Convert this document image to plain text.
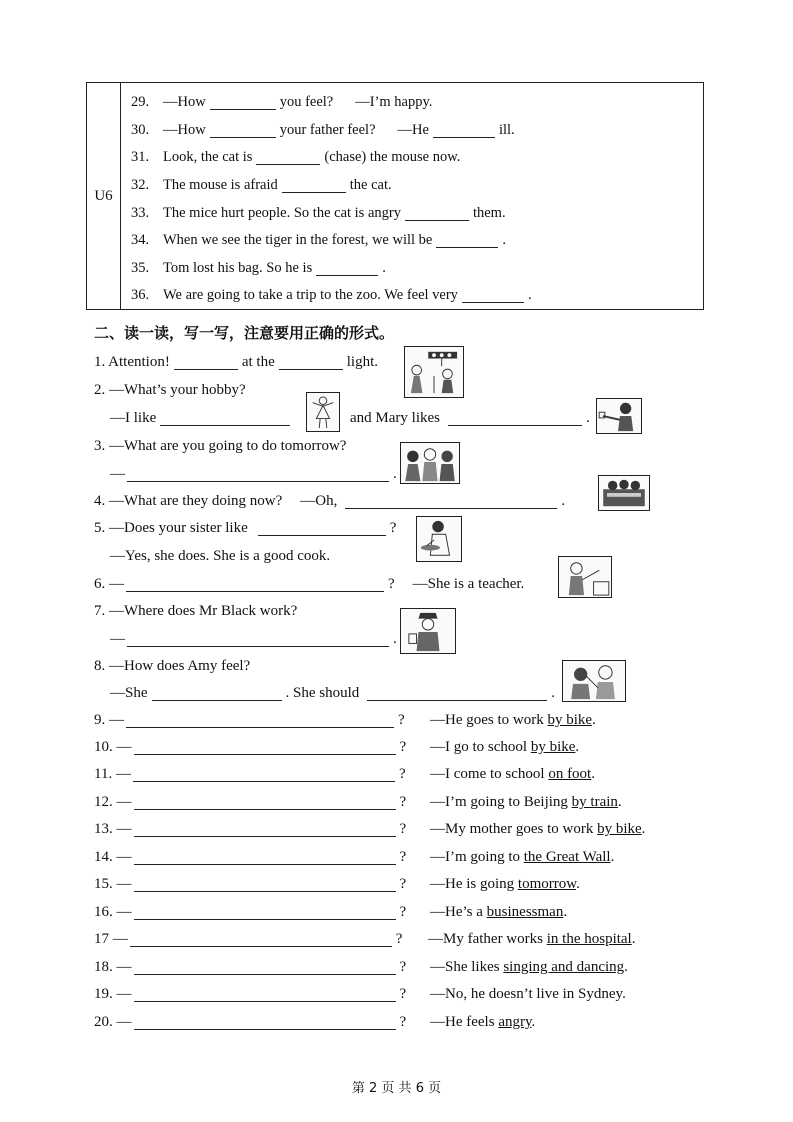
U6
29. —How	you feel? —I’m happy.
30. —How	your father feel? —He	ill.
31. Look, the cat is	(chase) the mouse now.
32. The mouse is afraid	the cat.
33. The mice hurt people. So the cat is angry	them.
34. When we see the tiger in the forest, we will be	.
35. Tom lost his bag. So he is	.
36. We are going to take a trip to the zoo. We feel very	.
二、读一读，写一写，注意要用正确的形式。
1. Attention!	at the	light.
2. —What’s your hobby?
—I like	and Mary likes	.
3. —What are you going to do tomorrow?
—	.
4. —What are they doing now? —Oh,	.
5. —Does your sister like	?
—Yes, she does. She is a good cook.
6. —	? —She is a teacher.
7. —Where does Mr Black work?
—	.
8. —How does Amy feel?
—She	. She should	.
9. —	? —He goes to work by bike.
10. —	? —I go to school by bike.
11. —	? —I come to school on foot.
12. —	? —I’m going to Beijing by train.
13. —	? —My mother goes to work by bike.
14. —	? —I’m going to the Great Wall.
15. —	? —He is going tomorrow.
16. —	? —He’s a businessman.
17 —	? —My father works in the hospital.
18. —	? —She likes singing and dancing.
19. —	? —No, he doesn’t live in Sydney.
20. —	? —He feels angry.
第 2 页 共 6 页
